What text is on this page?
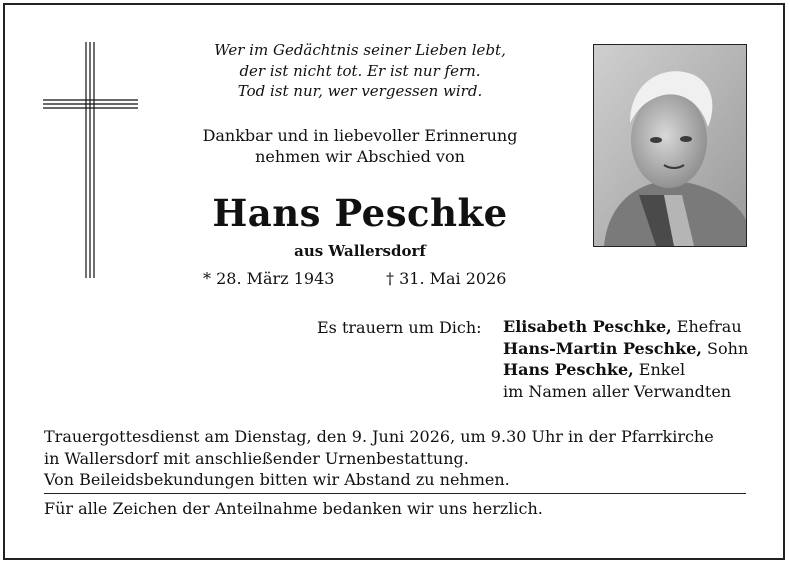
Wer im Gedächtnis seiner Lieben lebt,
der ist nicht tot. Er ist nur fern.
Tod ist nur, wer vergessen wird.
Dankbar und in liebevoller Erinnerung
nehmen wir Abschied von
Hans Peschke
aus Wallersdorf
* 28. März 1943	† 31. Mai 2026
Es trauern um Dich: Elisabeth Peschke, Ehefrau
Hans-Martin Peschke, Sohn
Hans Peschke, Enkel
im Namen aller Verwandten
Trauergottesdienst am Dienstag, den 9. Juni 2026, um 9.30 Uhr in der Pfarrkirche
in Wallersdorf mit anschließender Urnenbestattung.
Von Beileidsbekundungen bitten wir Abstand zu nehmen.
Für alle Zeichen der Anteilnahme bedanken wir uns herzlich.
